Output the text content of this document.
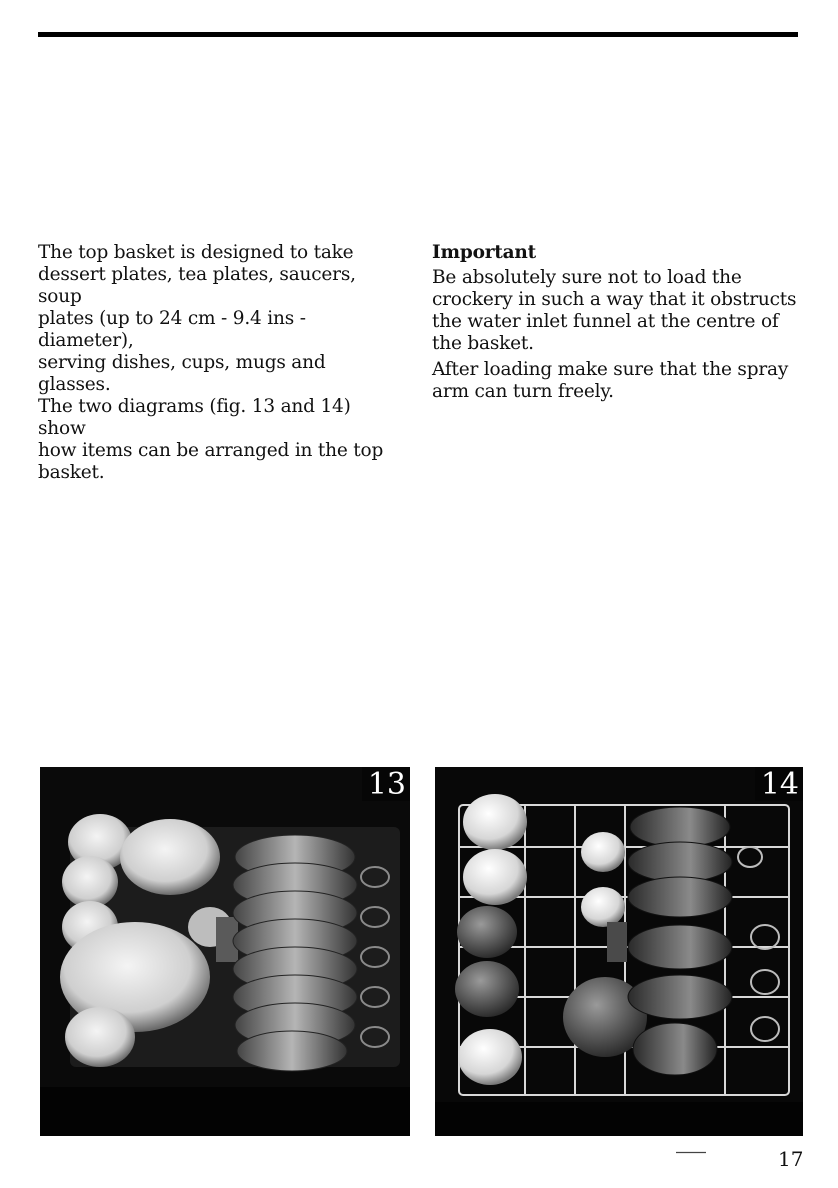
The top basket is designed to take

dessert plates, tea plates, saucers, soup

plates (up to 24 cm - 9.4 ins - diameter),

serving dishes, cups, mugs and glasses.

The two diagrams (fig. 13 and 14) show

how items can be arranged in the top

basket.

Important

Be absolutely sure not to load the

crockery in such a way that it obstructs

the water inlet funnel at the centre of

the basket.

After loading make sure that the spray

arm can turn freely.

13	14
17
